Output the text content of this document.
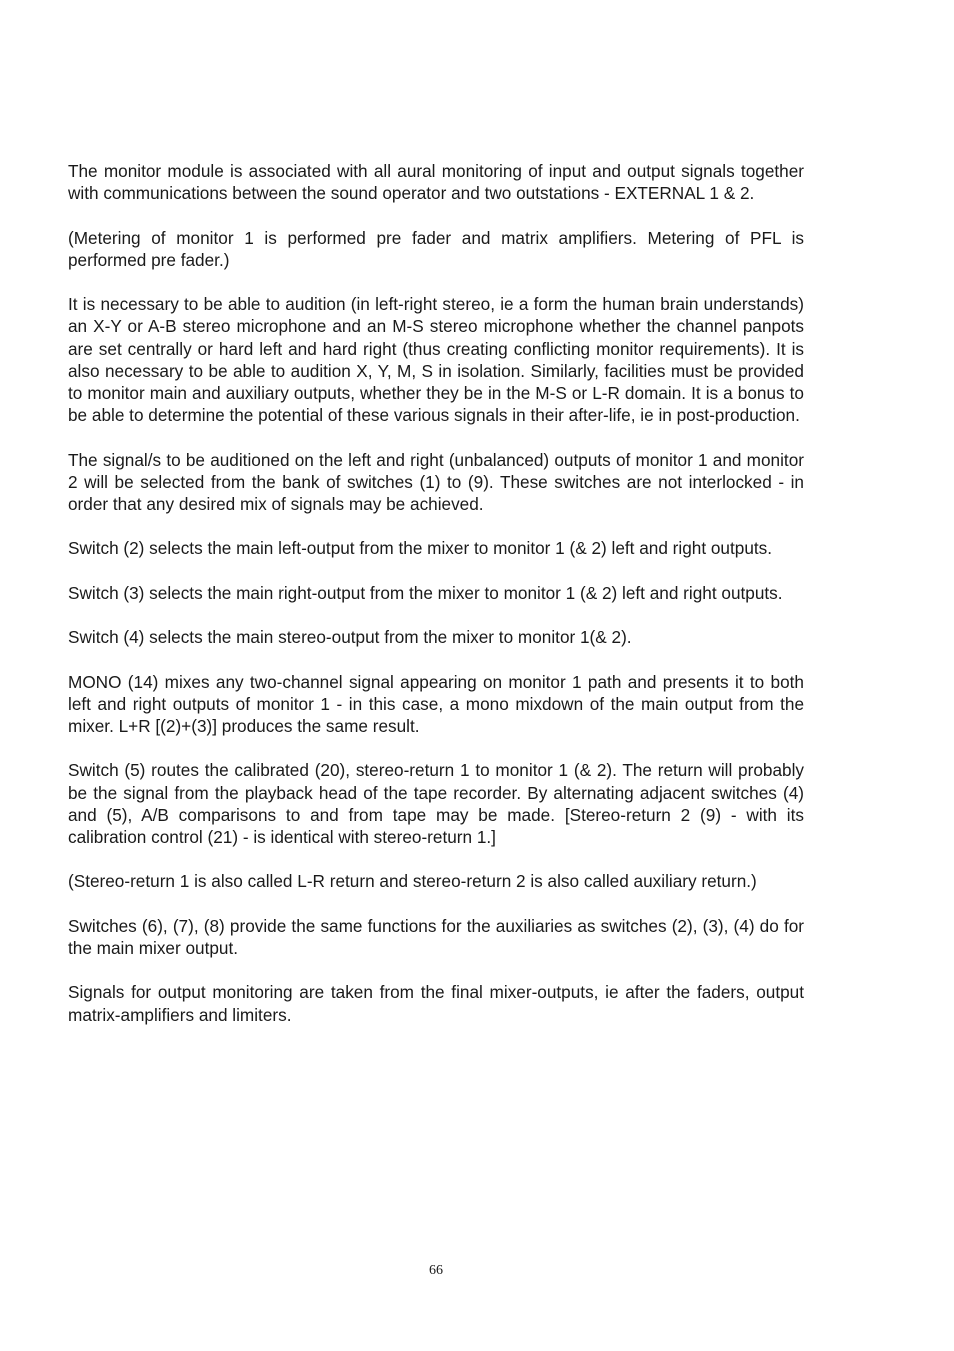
The monitor module is associated with all aural monitoring of input and output signals together with communications between the sound operator and two outstations - EXTERNAL 1 & 2.

(Metering of monitor 1 is performed pre fader and matrix amplifiers. Metering of PFL is performed pre fader.)

It is necessary to be able to audition (in left-right stereo, ie a form the human brain understands) an X-Y or A-B stereo microphone and an M-S stereo microphone whether the channel panpots are set centrally or hard left and hard right (thus creating conflicting monitor requirements). It is also necessary to be able to audition X, Y, M, S in isolation. Similarly, facilities must be provided to monitor main and auxiliary outputs, whether they be in the M-S or L-R domain. It is a bonus to be able to determine the potential of these various signals in their after-life, ie in post-production.

The signal/s to be auditioned on the left and right (unbalanced) outputs of monitor 1 and monitor 2 will be selected from the bank of switches (1) to (9). These switches are not interlocked - in order that any desired mix of signals may be achieved.

Switch (2) selects the main left-output from the mixer to monitor 1 (& 2) left and right outputs.

Switch (3) selects the main right-output from the mixer to monitor 1 (& 2) left and right outputs.

Switch (4) selects the main stereo-output from the mixer to monitor 1(& 2).

MONO (14) mixes any two-channel signal appearing on monitor 1 path and presents it to both left and right outputs of monitor 1 - in this case, a mono mixdown of the main output from the mixer. L+R [(2)+(3)] produces the same result.

Switch (5) routes the calibrated (20), stereo-return 1 to monitor 1 (& 2). The return will probably be the signal from the playback head of the tape recorder. By alternating adjacent switches (4) and (5), A/B comparisons to and from tape may be made. [Stereo-return 2 (9) - with its calibration control (21) - is identical with stereo-return 1.]

(Stereo-return 1 is also called L-R return and stereo-return 2 is also called auxiliary return.)

Switches (6), (7), (8) provide the same functions for the auxiliaries as switches (2), (3), (4) do for the main mixer output.

Signals for output monitoring are taken from the final mixer-outputs, ie after the faders, output matrix-amplifiers and limiters.

66
